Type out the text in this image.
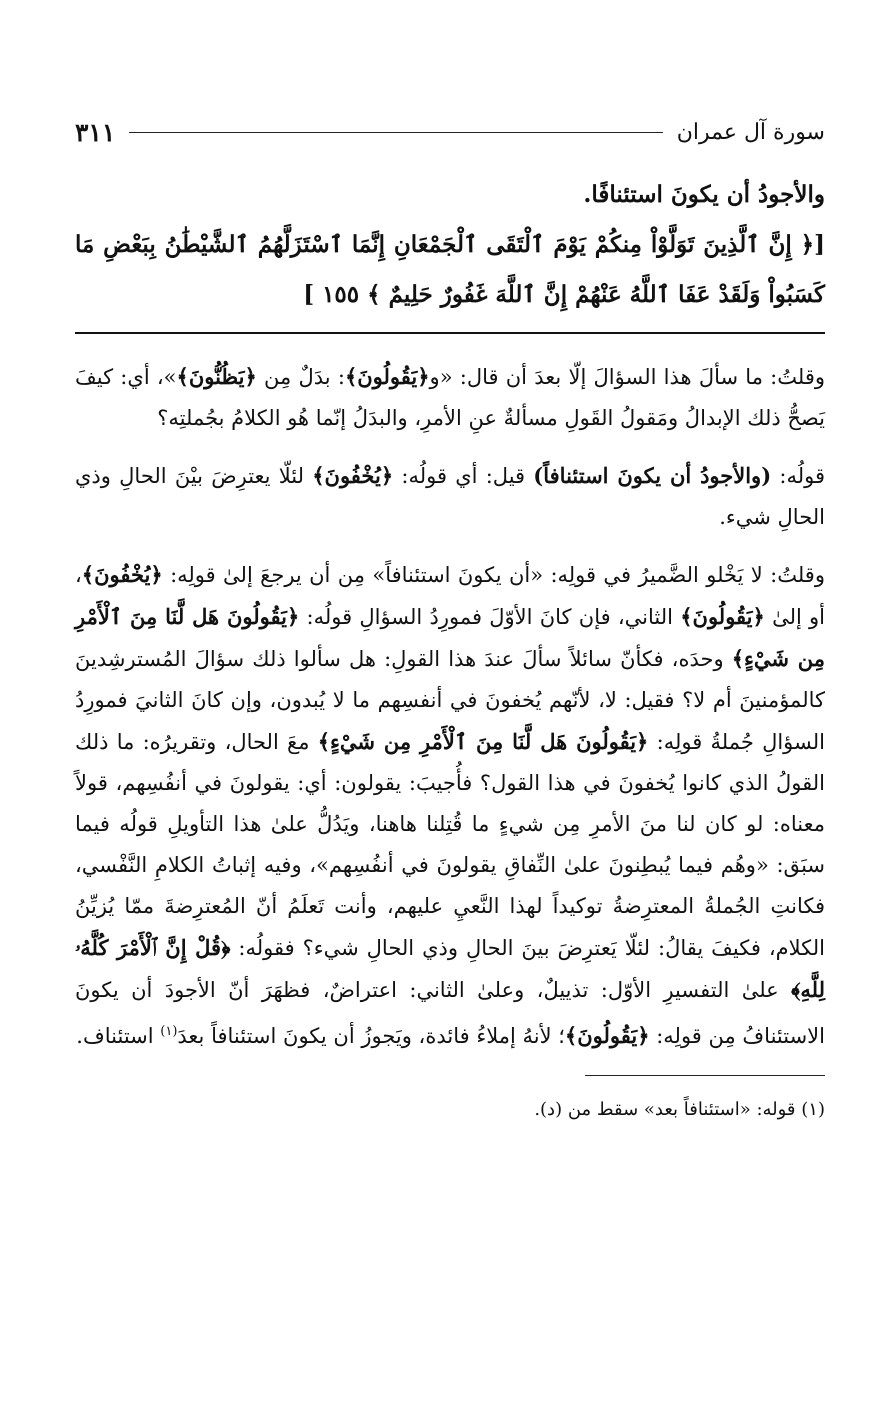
سورة آل عمران
٣١١
والأجودُ أن يكونَ استئنافًا.
[﴿ إِنَّ ٱلَّذِينَ تَوَلَّوْاْ مِنكُمْ يَوْمَ ٱلْتَقَى ٱلْجَمْعَانِ إِنَّمَا ٱسْتَزَلَّهُمُ ٱلشَّيْطَٰنُ بِبَعْضِ مَا كَسَبُواْ وَلَقَدْ عَفَا ٱللَّهُ عَنْهُمْ إِنَّ ٱللَّهَ غَفُورٌ حَلِيمٌ ﴾١٥٥ ]

وقلتُ: ما سألَ هذا السؤالَ إلّا بعدَ أن قال: «و﴿يَقُولُونَ﴾: بدَلٌ مِن ﴿يَظُنُّونَ﴾»، أي: كيفَ يَصحُّ ذلك الإبدالُ ومَقولُ القَولِ مسألةٌ عنِ الأمرِ، والبدَلُ إنّما هُو الكلامُ بجُملتِه؟

قولُه: (والأجودُ أن يكونَ استئنافاً) قيل: أي قولُه: ﴿يُخْفُونَ﴾ لئلّا يعترِضَ بيْنَ الحالِ وذي الحالِ شيء.

وقلتُ: لا يَخْلو الضَّميرُ في قولِه: «أن يكونَ استئنافاً» مِن أن يرجعَ إلىٰ قولِه: ﴿يُخْفُونَ﴾، أو إلىٰ ﴿يَقُولُونَ﴾ الثاني، فإن كانَ الأوّلَ فمورِدُ السؤالِ قولُه: ﴿يَقُولُونَ هَل لَّنَا مِنَ ٱلْأَمْرِ مِن شَيْءٍ﴾ وحدَه، فكأنّ سائلاً سألَ عندَ هذا القولِ: هل سألوا ذلك سؤالَ المُسترشِدينَ كالمؤمنينَ أم لا؟ فقيل: لا، لأنّهم يُخفونَ في أنفسِهم ما لا يُبدون، وإن كانَ الثانيَ فمورِدُ السؤالِ جُملةُ قولِه: ﴿يَقُولُونَ هَل لَّنَا مِنَ ٱلْأَمْرِ مِن شَيْءٍ﴾ معَ الحال، وتقريرُه: ما ذلك القولُ الذي كانوا يُخفونَ في هذا القول؟ فأُجيبَ: يقولون: أي: يقولونَ في أنفُسِهم، قولاً معناه: لو كان لنا منَ الأمرِ مِن شيءٍ ما قُتِلنا هاهنا، ويَدُلُّ علىٰ هذا التأويلِ قولُه فيما سبَق: «وهُم فيما يُبطِنونَ علىٰ النِّفاقِ يقولونَ في أنفُسِهم»، وفيه إثباتُ الكلامِ النَّفْسي، فكانتِ الجُملةُ المعترِضةُ توكيداً لهذا النَّعيِ عليهم، وأنت تَعلَمُ أنّ المُعترِضةَ ممّا يُزيِّنُ الكلام، فكيفَ يقالُ: لئلّا يَعترِضَ بينَ الحالِ وذي الحالِ شيء؟ فقولُه: ﴿قُلْ إِنَّ ٱلْأَمْرَ كُلَّهُۥ لِلَّهِ﴾ علىٰ التفسيرِ الأوّل: تذييلٌ، وعلىٰ الثاني: اعتراضٌ، فظهَرَ أنّ الأجودَ أن يكونَ الاستئنافُ مِن قولِه: ﴿يَقُولُونَ﴾؛ لأنهُ إملاءُ فائدة، ويَجوزُ أن يكونَ استئنافاً بعدَ$^{(١)}$ استئناف.

(١) قوله: «استئنافاً بعد» سقط من (د).
